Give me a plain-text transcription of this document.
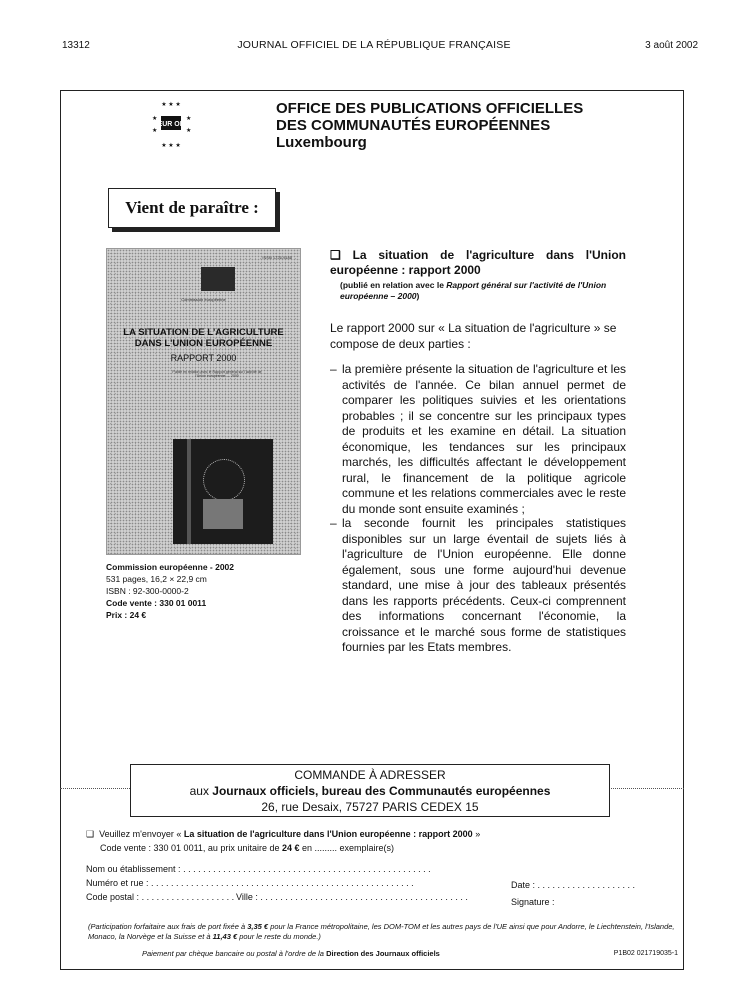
13312	JOURNAL OFFICIEL DE LA RÉPUBLIQUE FRANÇAISE	3 août 2002
★ ★ ★
★	★
★	★
★ ★ ★
EUR OP
OFFICE DES PUBLICATIONS OFFICIELLES
DES COMMUNAUTÉS EUROPÉENNES
Luxembourg
Vient de paraître :
ISSN 1725-9185
Commission européenne
LA SITUATION DE L'AGRICULTURE
DANS L'UNION EUROPÉENNE
RAPPORT 2000
Publié en relation avec le Rapport général sur l'activité de l'Union européenne — 2000
Commission européenne - 2002
531 pages, 16,2 × 22,9 cm
ISBN : 92-300-0000-2
Code vente : 330 01 0011
Prix : 24 €
❑ La situation de l'agriculture dans l'Union européenne : rapport 2000
(publié en relation avec le Rapport général sur l'activité de l'Union européenne – 2000)
Le rapport 2000 sur « La situation de l'agriculture » se compose de deux parties :
– la première présente la situation de l'agriculture et les activités de l'année. Ce bilan annuel permet de comparer les politiques suivies et les orientations probables ; il se concentre sur les principaux types de produits et les examine en détail. La situation économique, les tendances sur les principaux marchés, les difficultés affectant le développement rural, le financement de la politique agricole commune et les relations commerciales avec le reste du monde sont ensuite examinés ;
– la seconde fournit les principales statistiques disponibles sur un large éventail de sujets liés à l'agriculture de l'Union européenne. Elle donne également, sous une forme aujourd'hui devenue standard, une mise à jour des tableaux présentés dans les rapports précédents. Ceux-ci comprennent des informations concernant l'économie, la croissance et le marché sous forme de statistiques fournies par les Etats membres.
COMMANDE À ADRESSER
aux Journaux officiels, bureau des Communautés européennes
26, rue Desaix, 75727 PARIS CEDEX 15
❑ Veuillez m'envoyer « La situation de l'agriculture dans l'Union européenne : rapport 2000 »
Code vente : 330 01 0011, au prix unitaire de 24 € en ......... exemplaire(s)
Nom ou établissement : . . . . . . . . . . . . . . . . . . . . . . . . . . . . . . . . . . . . . . . . . . . . . . . . . .
Numéro et rue : . . . . . . . . . . . . . . . . . . . . . . . . . . . . . . . . . . . . . . . . . . . . . . . . . . . . .
Code postal : . . . . . . . . . . . . . . . . . . . Ville : . . . . . . . . . . . . . . . . . . . . . . . . . . . . . . . . . . . . . . . . . .
Date : . . . . . . . . . . . . . . . . . . . .
Signature :
(Participation forfaitaire aux frais de port fixée à 3,35 € pour la France métropolitaine, les DOM-TOM et les autres pays de l'UE ainsi que pour Andorre, le Liechtenstein, l'Islande, Monaco, la Norvège et la Suisse et à 11,43 € pour le reste du monde.)
Paiement par chèque bancaire ou postal à l'ordre de la Direction des Journaux officiels	P1B02 021719035-1
